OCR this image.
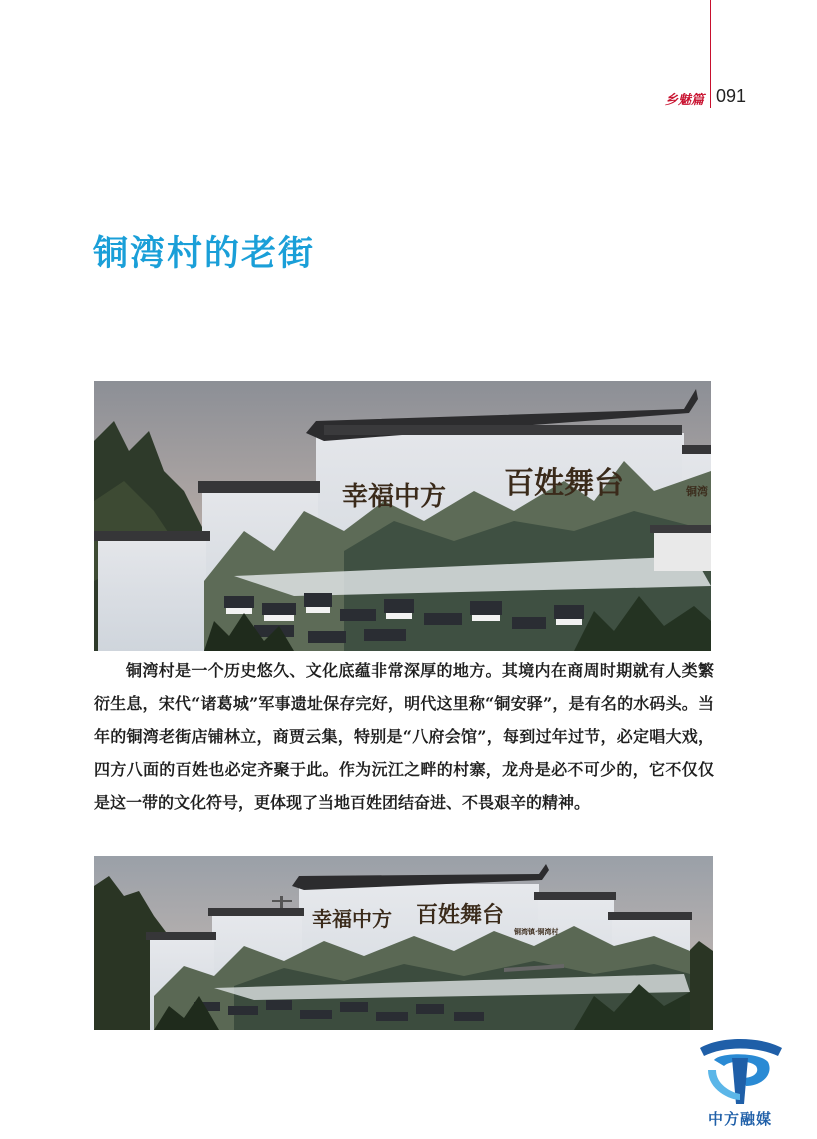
乡魅篇 091
铜湾村的老街
幸福中方 百姓舞台	铜湾

铜湾村是一个历史悠久、文化底蕴非常深厚的地方。其境内在商周时期就有人类繁衍生息，宋代“诸葛城”军事遗址保存完好，明代这里称“铜安驿”，是有名的水码头。当年的铜湾老街店铺林立，商贾云集，特别是“八府会馆”，每到过年过节，必定唱大戏，四方八面的百姓也必定齐聚于此。作为沅江之畔的村寨，龙舟是必不可少的，它不仅仅是这一带的文化符号，更体现了当地百姓团结奋进、不畏艰辛的精神。

幸福中方 百姓舞台
铜湾镇·铜湾村
中方融媒
